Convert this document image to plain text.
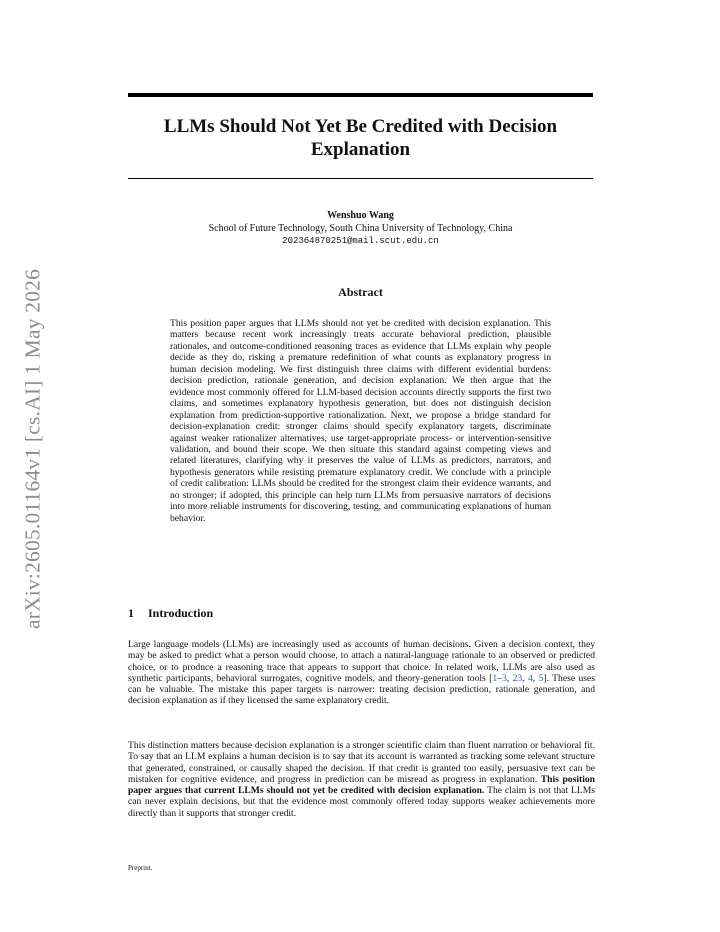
arXiv:2605.01164v1 [cs.AI] 1 May 2026
LLMs Should Not Yet Be Credited with Decision Explanation
Wenshuo Wang
School of Future Technology, South China University of Technology, China
202364870251@mail.scut.edu.cn
Abstract
This position paper argues that LLMs should not yet be credited with decision explanation. This matters because recent work increasingly treats accurate behavioral prediction, plausible rationales, and outcome-conditioned reasoning traces as evidence that LLMs explain why people decide as they do, risking a premature redefinition of what counts as explanatory progress in human decision modeling. We first distinguish three claims with different evidential burdens: decision prediction, rationale generation, and decision explanation. We then argue that the evidence most commonly offered for LLM-based decision accounts directly supports the first two claims, and sometimes explanatory hypothesis generation, but does not distinguish decision explanation from prediction-supportive rationalization. Next, we propose a bridge standard for decision-explanation credit: stronger claims should specify explanatory targets, discriminate against weaker rationalizer alternatives, use target-appropriate process- or intervention-sensitive validation, and bound their scope. We then situate this standard against competing views and related literatures, clarifying why it preserves the value of LLMs as predictors, narrators, and hypothesis generators while resisting premature explanatory credit. We conclude with a principle of credit calibration: LLMs should be credited for the strongest claim their evidence warrants, and no stronger; if adopted, this principle can help turn LLMs from persuasive narrators of decisions into more reliable instruments for discovering, testing, and communicating explanations of human behavior.
1 Introduction
Large language models (LLMs) are increasingly used as accounts of human decisions. Given a decision context, they may be asked to predict what a person would choose, to attach a natural-language rationale to an observed or predicted choice, or to produce a reasoning trace that appears to support that choice. In related work, LLMs are also used as synthetic participants, behavioral surrogates, cognitive models, and theory-generation tools [1–3, 23, 4, 5]. These uses can be valuable. The mistake this paper targets is narrower: treating decision prediction, rationale generation, and decision explanation as if they licensed the same explanatory credit.
This distinction matters because decision explanation is a stronger scientific claim than fluent narration or behavioral fit. To say that an LLM explains a human decision is to say that its account is warranted as tracking some relevant structure that generated, constrained, or causally shaped the decision. If that credit is granted too easily, persuasive text can be mistaken for cognitive evidence, and progress in prediction can be misread as progress in explanation. This position paper argues that current LLMs should not yet be credited with decision explanation. The claim is not that LLMs can never explain decisions, but that the evidence most commonly offered today supports weaker achievements more directly than it supports that stronger credit.
Preprint.
